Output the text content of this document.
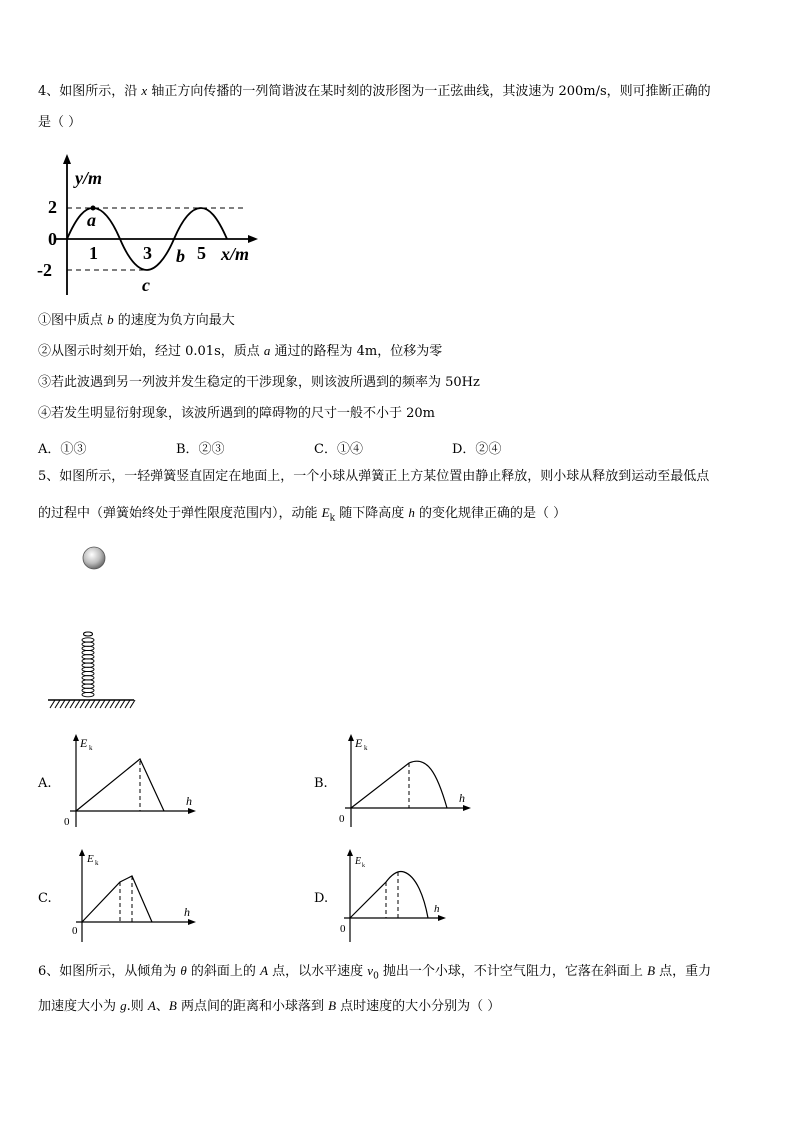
4、如图所示，沿 x 轴正方向传播的一列简谐波在某时刻的波形图为一正弦曲线，其波速为 200m/s，则可推断正确的
是（ ）
y/m
x/m
2
0
-2
1	3	5
a
b
c
①图中质点 b 的速度为负方向最大
②从图示时刻开始，经过 0.01s，质点 a 通过的路程为 4m，位移为零
③若此波遇到另一列波并发生稳定的干涉现象，则该波所遇到的频率为 50Hz
④若发生明显衍射现象，该波所遇到的障碍物的尺寸一般不小于 20m
A．①③	B．②③	C．①④	D．②④
5、如图所示，一轻弹簧竖直固定在地面上，一个小球从弹簧正上方某位置由静止释放，则小球从释放到运动至最低点
的过程中（弹簧始终处于弹性限度范围内），动能 $E_k$ 随下降高度 h 的变化规律正确的是（ ）
A.	B.
C.	D.
E k
h
0
E k
h
0
E k
h
0
E k
h
0
6、如图所示，从倾角为 θ 的斜面上的 A 点，以水平速度 $v_0$ 抛出一个小球，不计空气阻力，它落在斜面上 B 点，重力
加速度大小为 g.则 A、B 两点间的距离和小球落到 B 点时速度的大小分别为（ ）
